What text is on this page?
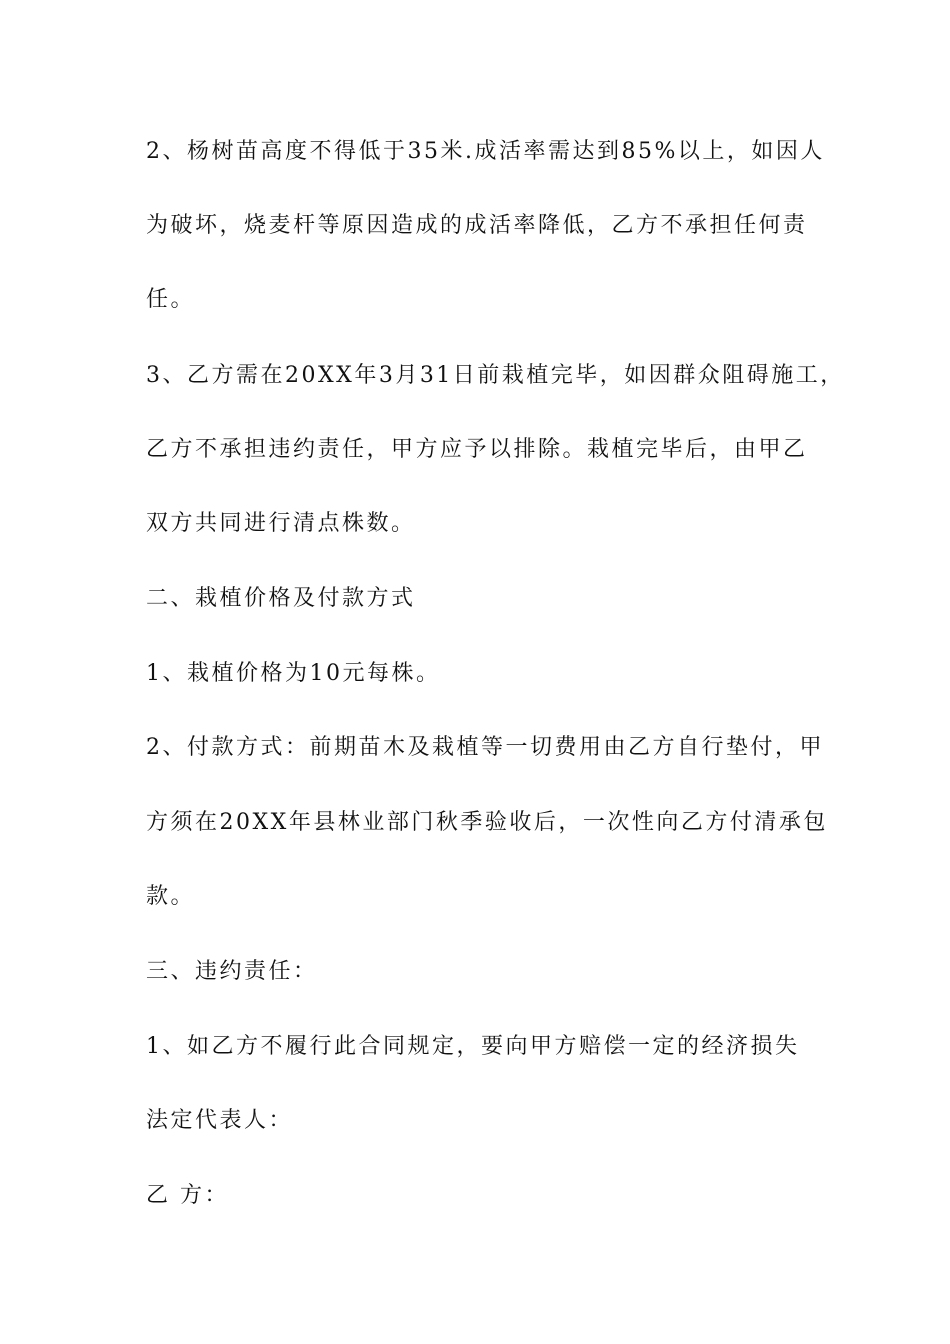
2、杨树苗高度不得低于35米.成活率需达到85%以上，如因人
为破坏，烧麦杆等原因造成的成活率降低，乙方不承担任何责
任。
3、乙方需在20XX年3月31日前栽植完毕，如因群众阻碍施工，
乙方不承担违约责任，甲方应予以排除。栽植完毕后，由甲乙
双方共同进行清点株数。
二、栽植价格及付款方式
1、栽植价格为10元每株。
2、付款方式：前期苗木及栽植等一切费用由乙方自行垫付，甲
方须在20XX年县林业部门秋季验收后，一次性向乙方付清承包
款。
三、违约责任：
1、如乙方不履行此合同规定，要向甲方赔偿一定的经济损失
法定代表人：
乙 方：
